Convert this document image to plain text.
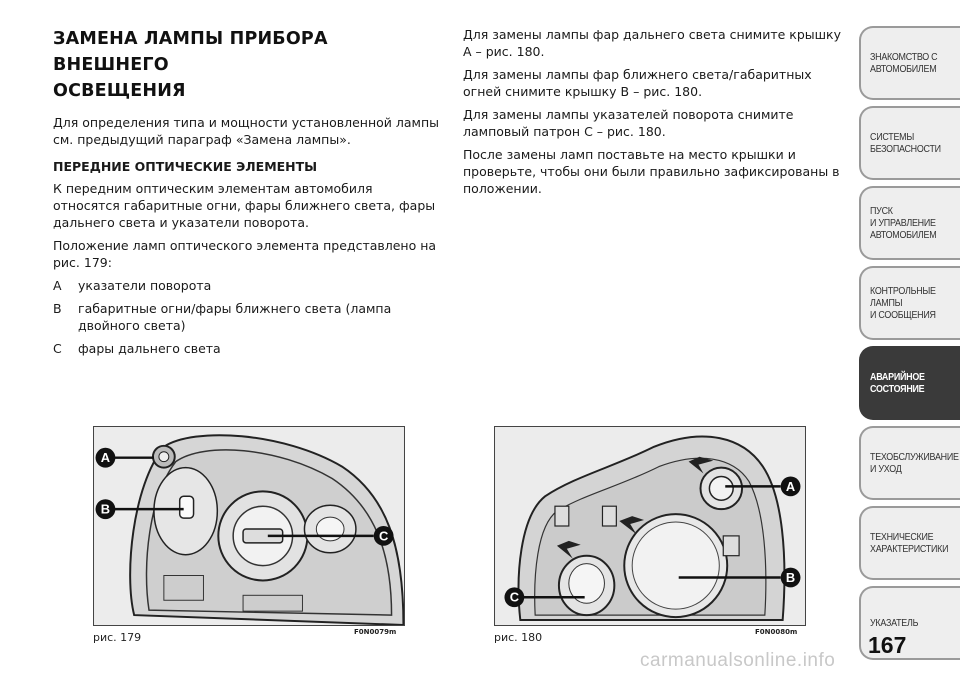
ЗАМЕНА ЛАМПЫ ПРИБОРА ВНЕШНЕГО
ОСВЕЩЕНИЯ

Для определения типа и мощности установленной лампы см. предыдущий параграф «Замена лампы».

ПЕРЕДНИЕ ОПТИЧЕСКИЕ ЭЛЕМЕНТЫ

К передним оптическим элементам автомобиля относятся габаритные огни, фары ближнего света, фары дальнего света и указатели поворота.

Положение ламп оптического элемента представлено на рис. 179:

A	указатели поворота
B	габаритные огни/фары ближнего света (лампа двойного света)
C	фары дальнего света

Для замены лампы фар дальнего света снимите крышку A – рис. 180.

Для замены лампы фар ближнего света/габаритных огней снимите крышку B – рис. 180.

Для замены лампы указателей поворота снимите ламповый патрон C – рис. 180.

После замены ламп поставьте на место крышки и проверьте, чтобы они были правильно зафиксированы в положении.

A
B
C
рис. 179	F0N0079m
A
B
C
рис. 180	F0N0080m
ЗНАКОМСТВО С
АВТОМОБИЛЕМ
СИСТЕМЫ
БЕЗОПАСНОСТИ
ПУСК
И УПРАВЛЕНИЕ
АВТОМОБИЛЕМ
КОНТРОЛЬНЫЕ
ЛАМПЫ
И СООБЩЕНИЯ
АВАРИЙНОЕ
СОСТОЯНИЕ
ТЕХОБСЛУЖИВАНИЕ
И УХОД
ТЕХНИЧЕСКИЕ
ХАРАКТЕРИСТИКИ
УКАЗАТЕЛЬ
167
carmanualsonline.info
